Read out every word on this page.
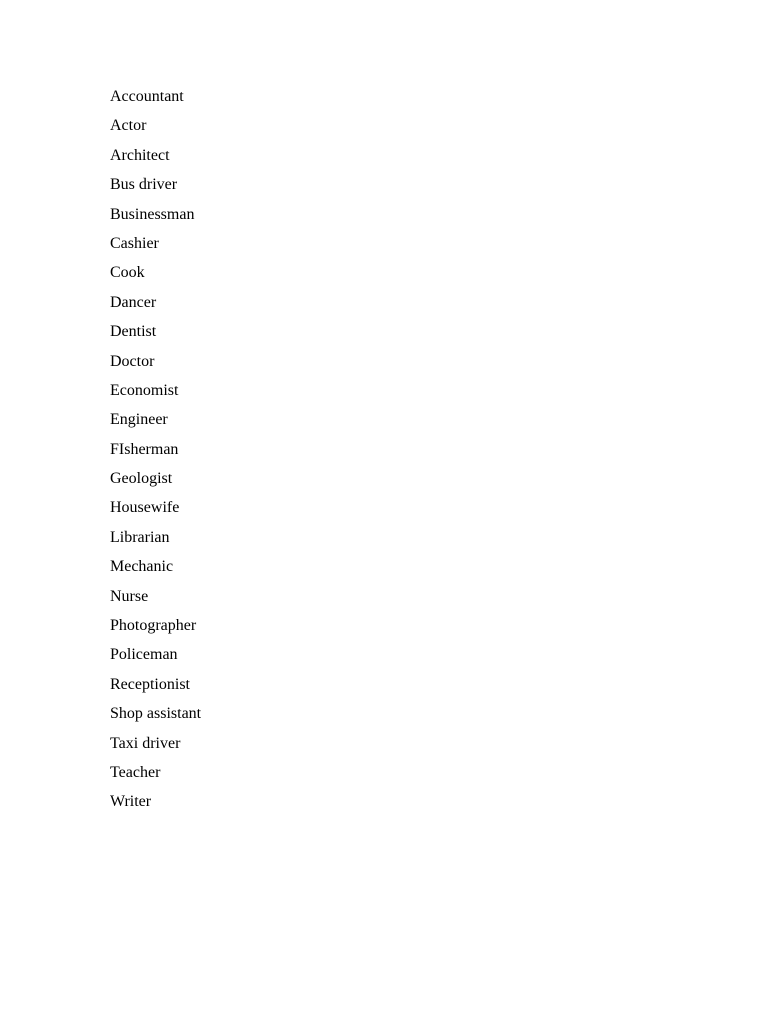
Accountant
Actor
Architect
Bus driver
Businessman
Cashier
Cook
Dancer
Dentist
Doctor
Economist
Engineer
FIsherman
Geologist
Housewife
Librarian
Mechanic
Nurse
Photographer
Policeman
Receptionist
Shop assistant
Taxi driver
Teacher
Writer
